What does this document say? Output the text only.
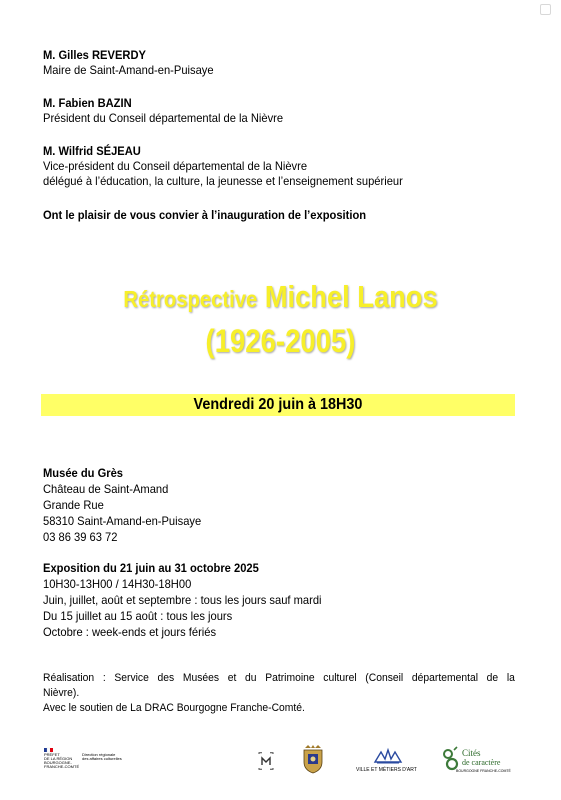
M. Gilles REVERDY
Maire de Saint-Amand-en-Puisaye
M. Fabien BAZIN
Président du Conseil départemental de la Nièvre
M. Wilfrid SÉJEAU
Vice-président du Conseil départemental de la Nièvre
délégué à l’éducation, la culture, la jeunesse et l’enseignement supérieur
Ont le plaisir de vous convier à l’inauguration de l’exposition
Rétrospective Michel Lanos
(1926-2005)
Vendredi 20 juin à 18H30
Musée du Grès
Château de Saint-Amand
Grande Rue
58310 Saint-Amand-en-Puisaye
03 86 39 63 72
Exposition du 21 juin au 31 octobre 2025
10H30-13H00 / 14H30-18H00
Juin, juillet, août et septembre : tous les jours sauf mardi
Du 15 juillet au 15 août : tous les jours
Octobre : week-ends et jours fériés
Réalisation : Service des Musées et du Patrimoine culturel (Conseil départemental de la
Nièvre).
Avec le soutien de La DRAC Bourgogne Franche-Comté.
PRÉFET
DE LA RÉGION
BOURGOGNE-
FRANCHE-COMTÉ
Direction régionale
des affaires culturelles
VILLE ET MÉTIERS D'ART
Cités
de caractère
BOURGOGNE FRANCHE-COMTÉ
